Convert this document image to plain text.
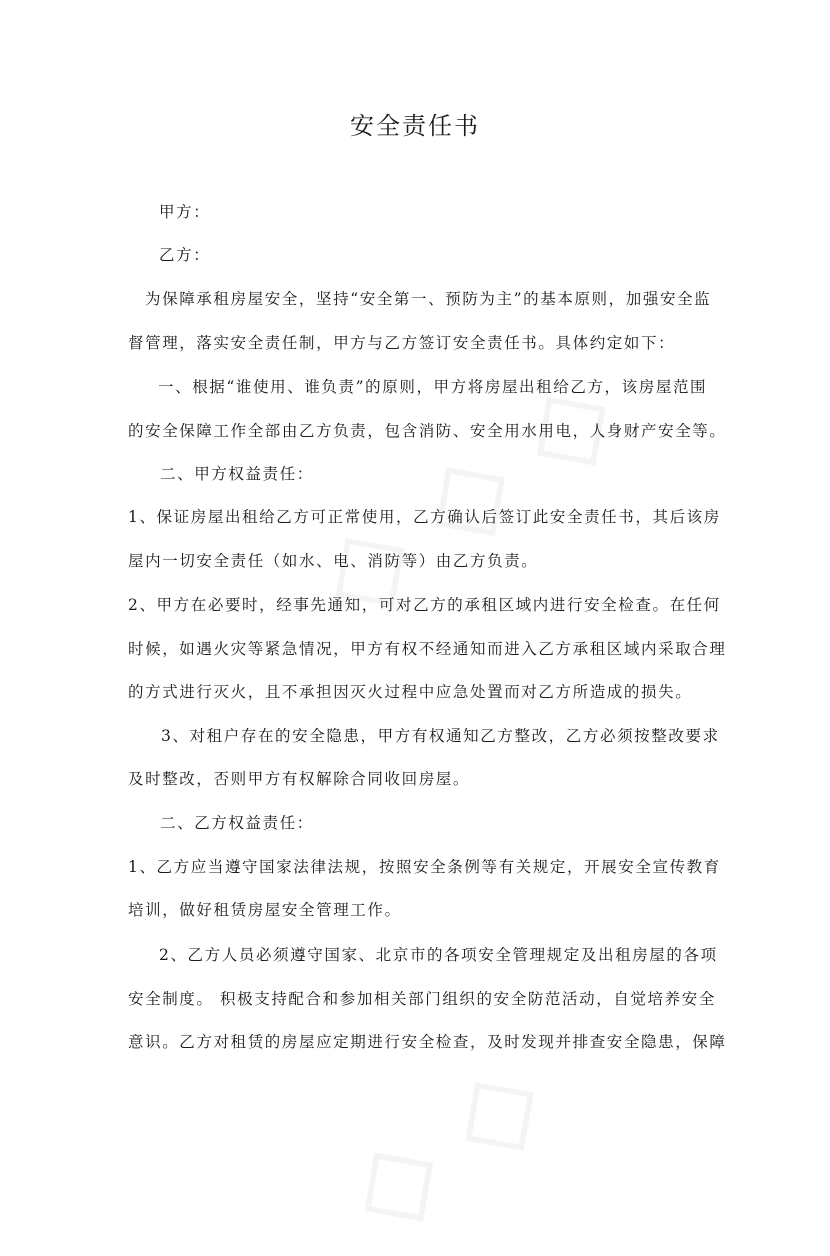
安全责任书

甲方：

乙方：

为保障承租房屋安全，坚持“安全第一、预防为主”的基本原则，加强安全监

督管理，落实安全责任制，甲方与乙方签订安全责任书。具体约定如下：

一、根据“谁使用、谁负责”的原则，甲方将房屋出租给乙方，该房屋范围

的安全保障工作全部由乙方负责，包含消防、安全用水用电，人身财产安全等。

二、甲方权益责任：

1、保证房屋出租给乙方可正常使用，乙方确认后签订此安全责任书，其后该房

屋内一切安全责任（如水、电、消防等）由乙方负责。

2、甲方在必要时，经事先通知，可对乙方的承租区域内进行安全检查。在任何

时候，如遇火灾等紧急情况，甲方有权不经通知而进入乙方承租区域内采取合理

的方式进行灭火，且不承担因灭火过程中应急处置而对乙方所造成的损失。

3、对租户存在的安全隐患，甲方有权通知乙方整改，乙方必须按整改要求

及时整改，否则甲方有权解除合同收回房屋。

二、乙方权益责任：

1、乙方应当遵守国家法律法规，按照安全条例等有关规定，开展安全宣传教育

培训，做好租赁房屋安全管理工作。

2、乙方人员必须遵守国家、北京市的各项安全管理规定及出租房屋的各项

安全制度。 积极支持配合和参加相关部门组织的安全防范活动，自觉培养安全

意识。乙方对租赁的房屋应定期进行安全检查，及时发现并排查安全隐患，保障
